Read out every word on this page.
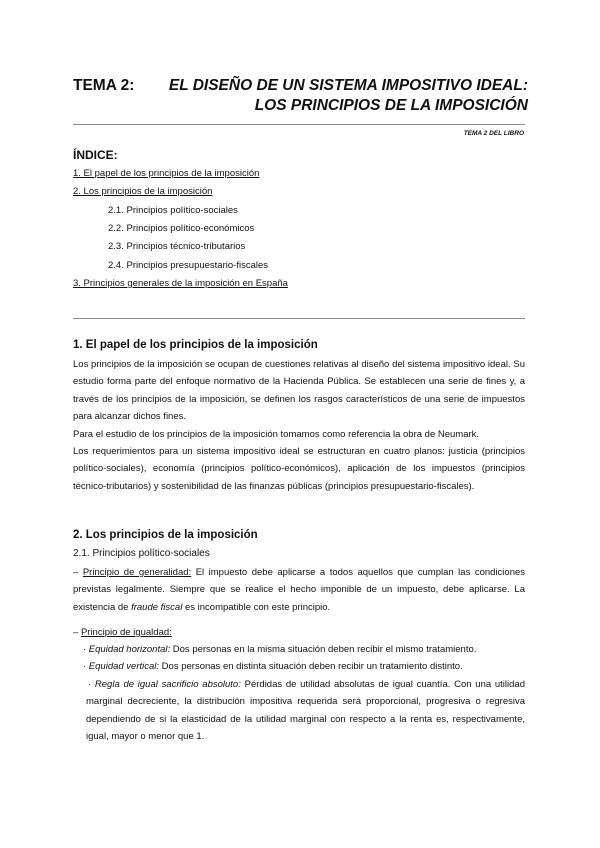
TEMA 2:	EL DISEÑO DE UN SISTEMA IMPOSITIVO IDEAL:
LOS PRINCIPIOS DE LA IMPOSICIÓN
TEMA 2 DEL LIBRO
ÍNDICE:
1. El papel de los principios de la imposición
2. Los principios de la imposición
2.1. Principios político-sociales
2.2. Principios político-económicos
2.3. Principios técnico-tributarios
2.4. Principios presupuestario-fiscales
3. Principios generales de la imposición en España
1. El papel de los principios de la imposición

Los principios de la imposición se ocupan de cuestiones relativas al diseño del sistema impositivo ideal. Su estudio forma parte del enfoque normativo de la Hacienda Pública. Se establecen una serie de fines y, a través de los principios de la imposición, se definen los rasgos característicos de una serie de impuestos para alcanzar dichos fines.

Para el estudio de los principios de la imposición tomamos como referencia la obra de Neumark.

Los requerimientos para un sistema impositivo ideal se estructuran en cuatro planos: justicia (principios político-sociales), economía (principios político-económicos), aplicación de los impuestos (principios técnico-tributarios) y sostenibilidad de las finanzas públicas (principios presupuestario-fiscales).

2. Los principios de la imposición
2.1. Principios político-sociales

– Principio de generalidad: El impuesto debe aplicarse a todos aquellos que cumplan las condiciones previstas legalmente. Siempre que se realice el hecho imponible de un impuesto, debe aplicarse. La existencia de fraude fiscal es incompatible con este principio.

– Principio de igualdad:
· Equidad horizontal: Dos personas en la misma situación deben recibir el mismo tratamiento.
· Equidad vertical: Dos personas en distinta situación deben recibir un tratamiento distinto.

· Regla de igual sacrificio absoluto: Pérdidas de utilidad absolutas de igual cuantía. Con una utilidad marginal decreciente, la distribución impositiva requerida será proporcional, progresiva o regresiva dependiendo de si la elasticidad de la utilidad marginal con respecto a la renta es, respectivamente, igual, mayor o menor que 1.
